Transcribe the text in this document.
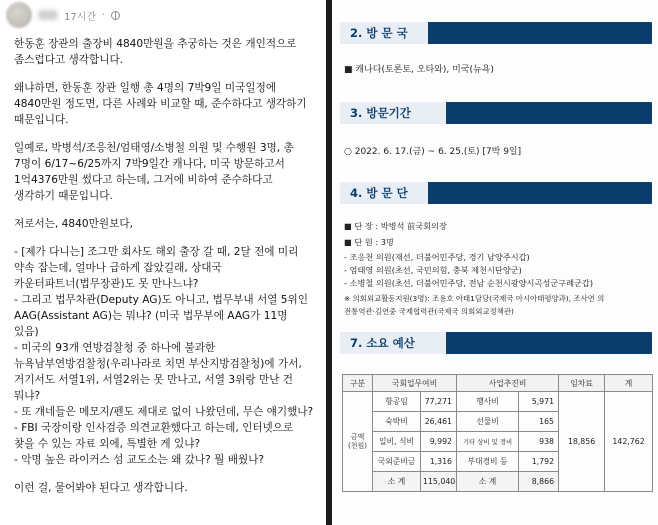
17시간 ·

한동훈 장관의 출장비 4840만원을 추궁하는 것은 개인적으로
좀스럽다고 생각합니다.

왜냐하면, 한동훈 장관 일행 총 4명의 7박9일 미국일정에
4840만원 정도면, 다른 사례와 비교할 때, 준수하다고 생각하기
때문입니다.

일예로, 박병석/조응천/엄태영/소병철 의원 및 수행원 3명, 총
7명이 6/17~6/25까지 7박9일간 캐나다, 미국 방문하고서
1억4376만원 썼다고 하는데, 그거에 비하여 준수하다고
생각하기 때문입니다.

저로서는, 4840만원보다,

- [제가 다니는] 조그만 회사도 해외 출장 갈 때, 2달 전에 미리
약속 잡는데, 얼마나 급하게 잡았길래, 상대국
카운터파트너(법무장관)도 못 만나느냐?
- 그리고 법무차관(Deputy AG)도 아니고, 법무부내 서열 5위인
AAG(Assistant AG)는 뭐냐? (미국 법무부에 AAG가 11명
있음)
- 미국의 93개 연방검찰청 중 하나에 불과한
뉴욕남부연방검찰청(우리나라로 치면 부산지방검찰청)에 가서,
거기서도 서열1위, 서열2위는 못 만나고, 서열 3위랑 만난 건
뭐냐?
- 또 걔네들은 메모지/펜도 제대로 없이 나왔던데, 무슨 얘기했나?
- FBI 국장이랑 인사검증 의견교환했다고 하는데, 인터넷으로
찾을 수 있는 자료 외에, 특별한 게 있냐?
- 악명 높은 라이커스 섬 교도소는 왜 갔나? 뭘 배웠나?

이런 걸, 물어봐야 된다고 생각합니다.

2. 방 문 국
■ 캐나다(토론토, 오타와), 미국(뉴욕)
3. 방문기간
○ 2022. 6. 17.(금) ~ 6. 25.(토) [7박 9일]
4. 방 문 단
■ 단 장 : 박병석 前국회의장
■ 단 원 : 3명
- 조응천 의원(재선, 더불어민주당, 경기 남양주시갑)
- 엄태영 의원(초선, 국민의힘, 충북 제천시단양군)
- 소병철 의원(초선, 더불어민주당, 전남 순천시광양시곡성군구례군갑)
※ 의회외교활동지원(3명): 조용호 아태1담당(국제국 아시아태평양과), 조사연 의
전통역관·김연중 국제협력관(국제국 의회외교정책관)
7. 소요 예산
구분	국회업무여비		사업추진비		임차료	계
금액 (천원)	항공임	77,271	행사비	5,971	18,856	142,762
	숙박비	26,461	선물비	165		
	일비, 식비	9,992	기타 상비 및 경비	938		
	국외준비금	1,316	부대경비 등	1,792		
	소 계	115,040	소 계	8,866		
